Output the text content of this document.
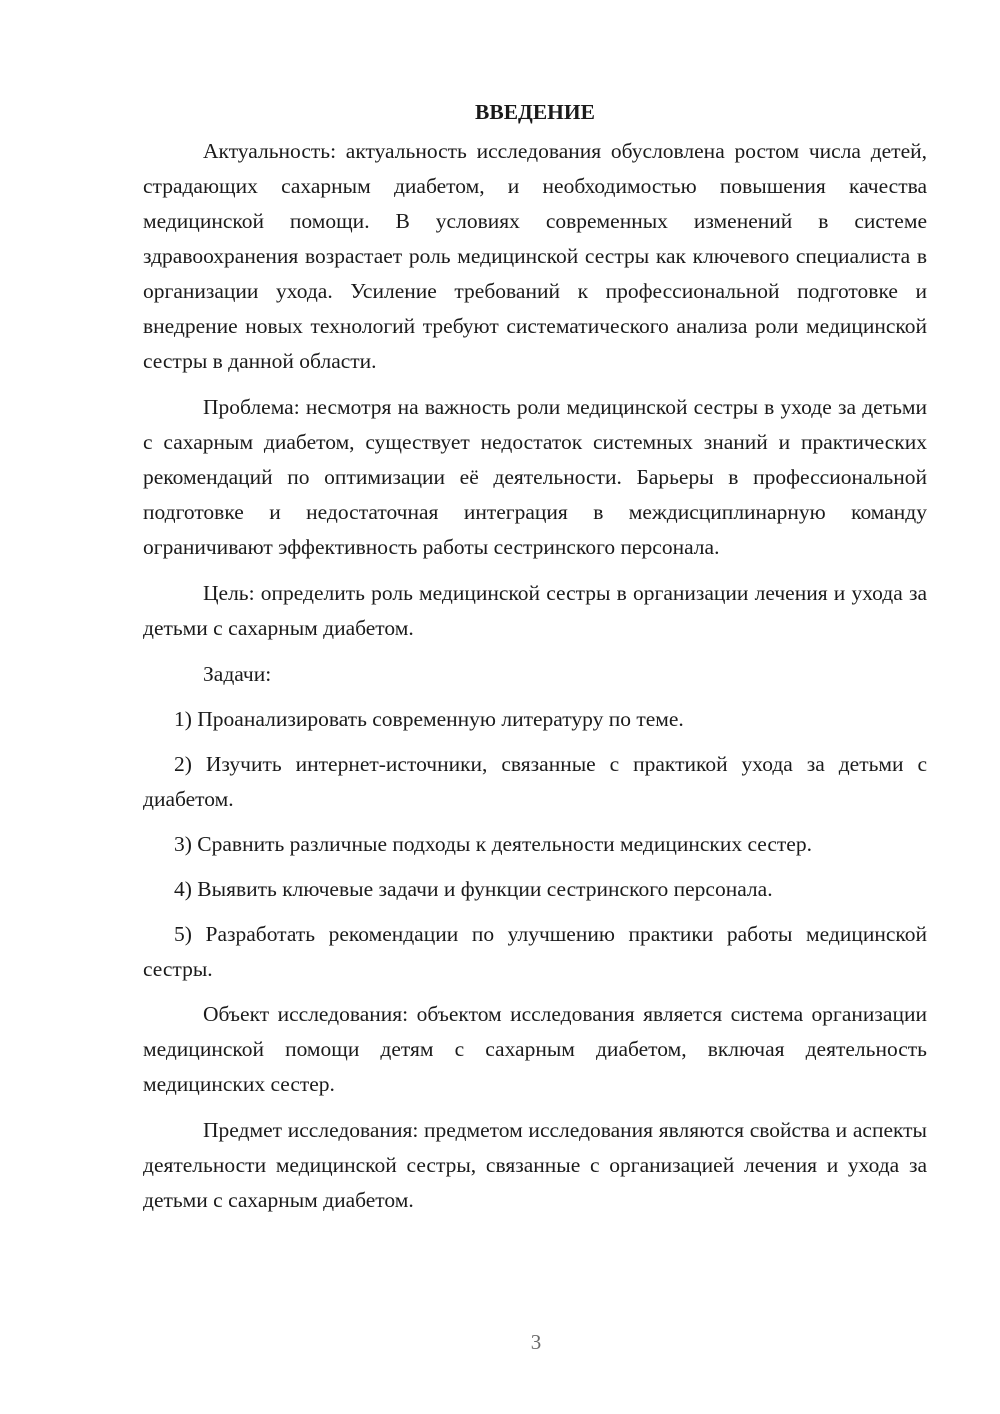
ВВЕДЕНИЕ

Актуальность: актуальность исследования обусловлена ростом числа детей, страдающих сахарным диабетом, и необходимостью повышения качества медицинской помощи. В условиях современных изменений в системе здравоохранения возрастает роль медицинской сестры как ключевого специалиста в организации ухода. Усиление требований к профессиональной подготовке и внедрение новых технологий требуют систематического анализа роли медицинской сестры в данной области.

Проблема: несмотря на важность роли медицинской сестры в уходе за детьми с сахарным диабетом, существует недостаток системных знаний и практических рекомендаций по оптимизации её деятельности. Барьеры в профессиональной подготовке и недостаточная интеграция в междисциплинарную команду ограничивают эффективность работы сестринского персонала.

Цель: определить роль медицинской сестры в организации лечения и ухода за детьми с сахарным диабетом.

Задачи:

1) Проанализировать современную литературу по теме.

2) Изучить интернет-источники, связанные с практикой ухода за детьми с диабетом.

3) Сравнить различные подходы к деятельности медицинских сестер.

4) Выявить ключевые задачи и функции сестринского персонала.

5) Разработать рекомендации по улучшению практики работы медицинской сестры.

Объект исследования: объектом исследования является система организации медицинской помощи детям с сахарным диабетом, включая деятельность медицинских сестер.

Предмет исследования: предметом исследования являются свойства и аспекты деятельности медицинской сестры, связанные с организацией лечения и ухода за детьми с сахарным диабетом.

3
